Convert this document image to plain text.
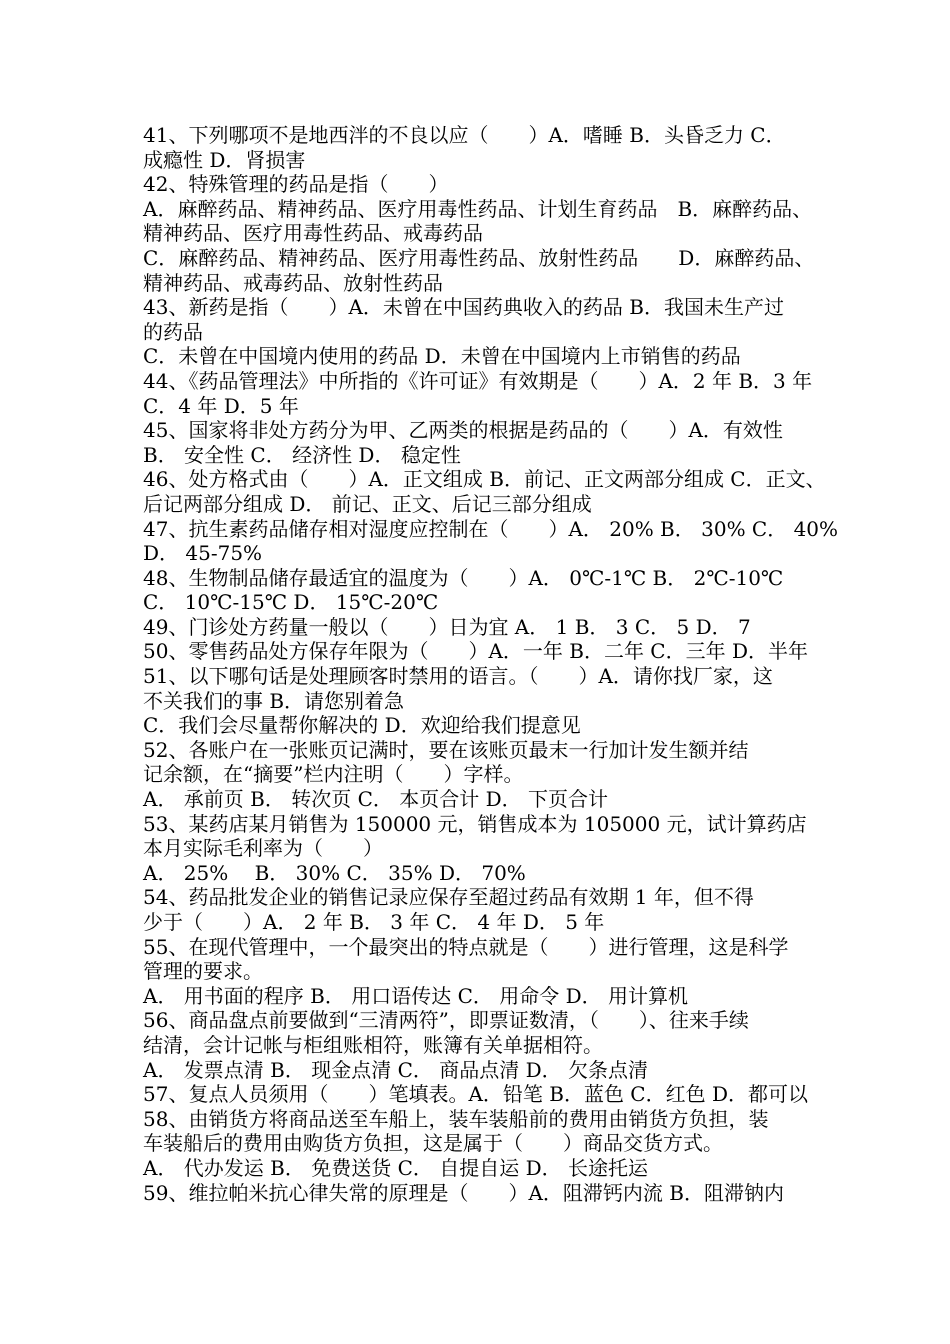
41、下列哪项不是地西泮的不良以应（　　）A．嗜睡 B．头昏乏力 C．
成瘾性 D．肾损害
42、特殊管理的药品是指（　　）
A．麻醉药品、精神药品、医疗用毒性药品、计划生育药品　B．麻醉药品、
精神药品、医疗用毒性药品、戒毒药品
C．麻醉药品、精神药品、医疗用毒性药品、放射性药品　　D．麻醉药品、
精神药品、戒毒药品、放射性药品
43、新药是指（　　）A．未曾在中国药典收入的药品 B．我国未生产过
的药品
C．未曾在中国境内使用的药品 D．未曾在中国境内上市销售的药品
44、《药品管理法》中所指的《许可证》有效期是（　　）A．2 年 B．3 年
C．4 年 D．5 年
45、国家将非处方药分为甲、乙两类的根据是药品的（　　）A．有效性
B． 安全性 C． 经济性 D． 稳定性
46、处方格式由（　　）A．正文组成 B．前记、正文两部分组成 C．正文、
后记两部分组成 D． 前记、正文、后记三部分组成
47、抗生素药品储存相对湿度应控制在（　　）A． 20% B． 30% C． 40%
D． 45-75%
48、生物制品储存最适宜的温度为（　　）A． 0℃-1℃ B． 2℃-10℃
C． 10℃-15℃ D． 15℃-20℃
49、门诊处方药量一般以（　　）日为宜 A． 1 B． 3 C． 5 D． 7
50、零售药品处方保存年限为（　　）A．一年 B．二年 C．三年 D．半年
51、以下哪句话是处理顾客时禁用的语言。（　　）A．请你找厂家，这
不关我们的事 B．请您别着急
C．我们会尽量帮你解决的 D．欢迎给我们提意见
52、各账户在一张账页记满时，要在该账页最末一行加计发生额并结
记余额，在“摘要”栏内注明（　　）字样。
A． 承前页 B． 转次页 C． 本页合计 D． 下页合计
53、某药店某月销售为 150000 元，销售成本为 105000 元，试计算药店
本月实际毛利率为（　　）
A． 25%　 B． 30% C． 35% D． 70%
54、药品批发企业的销售记录应保存至超过药品有效期 1 年，但不得
少于（　　）A． 2 年 B． 3 年 C． 4 年 D． 5 年
55、在现代管理中，一个最突出的特点就是（　　）进行管理，这是科学
管理的要求。
A． 用书面的程序 B． 用口语传达 C． 用命令 D． 用计算机
56、商品盘点前要做到“三清两符”，即票证数清，（　　）、往来手续
结清，会计记帐与柜组账相符，账簿有关单据相符。
A． 发票点清 B． 现金点清 C． 商品点清 D． 欠条点清
57、复点人员须用（　　）笔填表。A．铅笔 B．蓝色 C．红色 D．都可以
58、由销货方将商品送至车船上，装车装船前的费用由销货方负担，装
车装船后的费用由购货方负担，这是属于（　　）商品交货方式。
A． 代办发运 B． 免费送货 C． 自提自运 D． 长途托运
59、维拉帕米抗心律失常的原理是（　　）A．阻滞钙内流 B．阻滞钠内
